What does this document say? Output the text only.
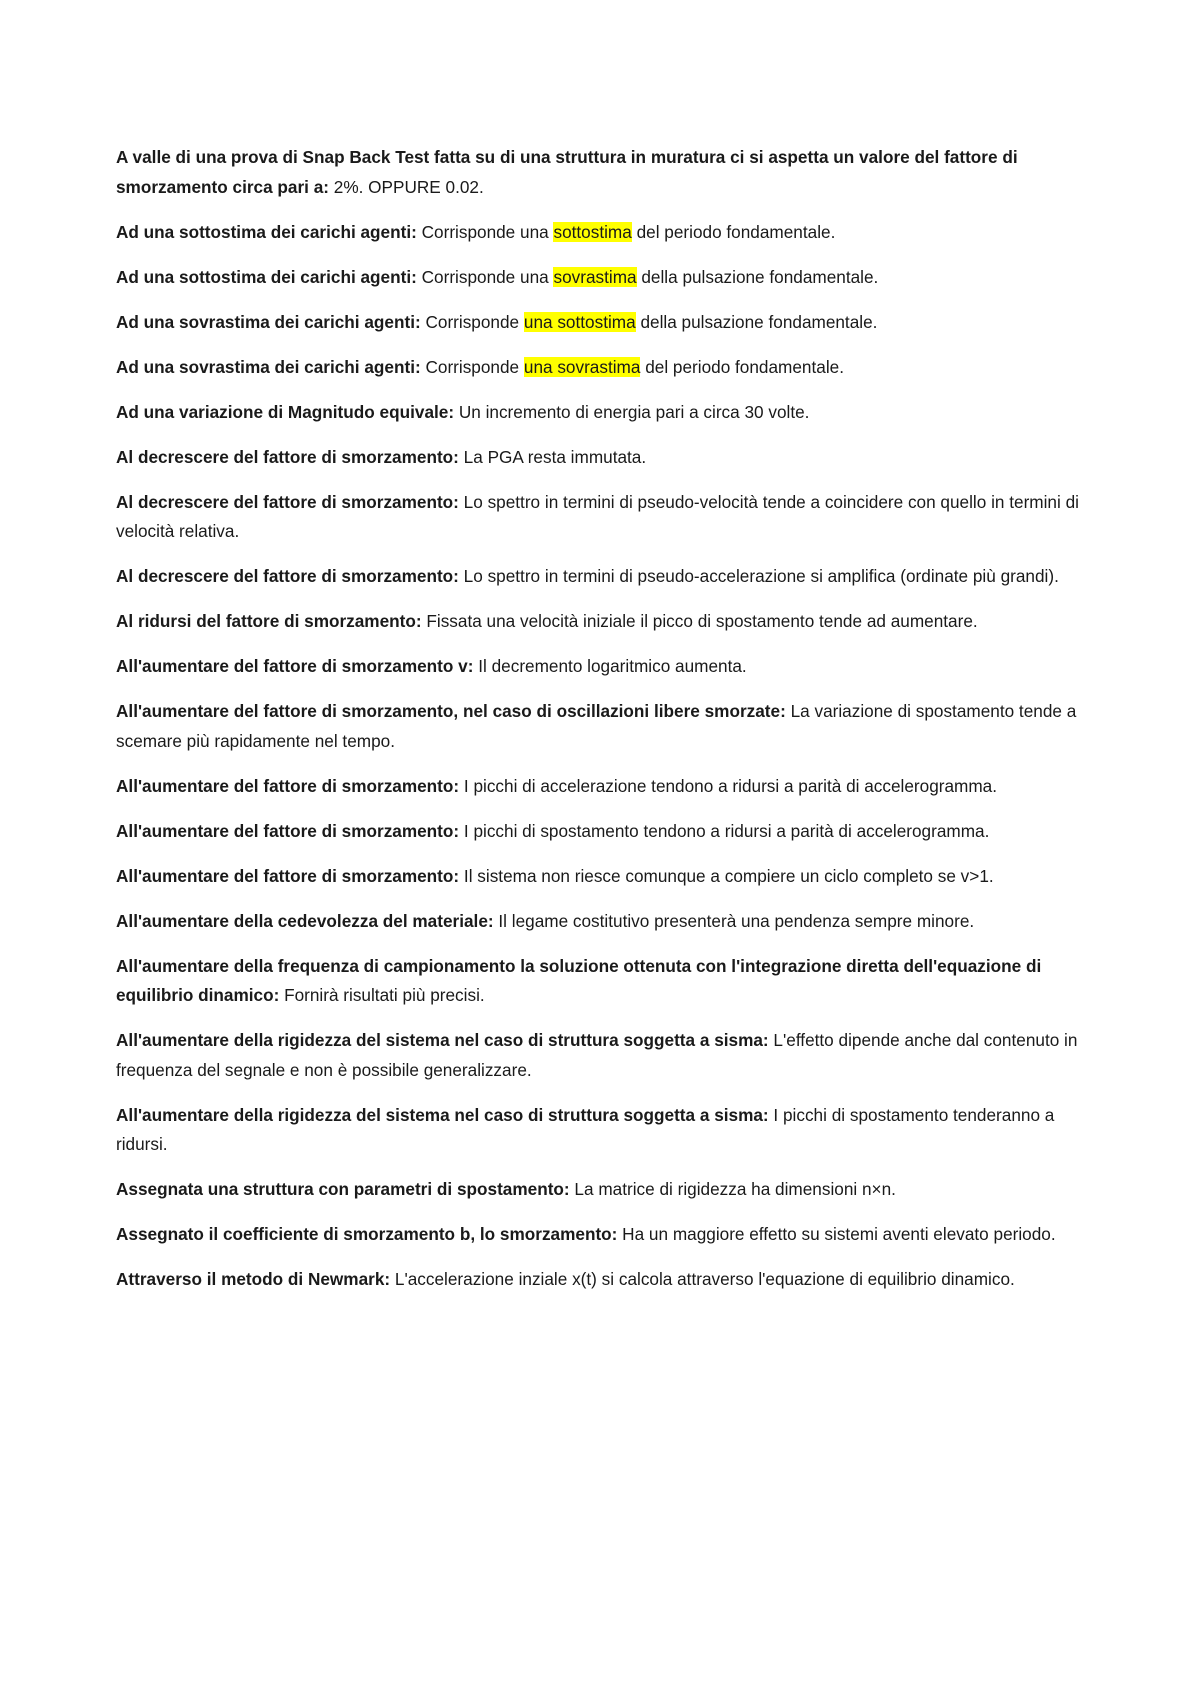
A valle di una prova di Snap Back Test fatta su di una struttura in muratura ci si aspetta un valore del fattore di smorzamento circa pari a: 2%. OPPURE 0.02.

Ad una sottostima dei carichi agenti: Corrisponde una sottostima del periodo fondamentale.

Ad una sottostima dei carichi agenti: Corrisponde una sovrastima della pulsazione fondamentale.

Ad una sovrastima dei carichi agenti: Corrisponde una sottostima della pulsazione fondamentale.

Ad una sovrastima dei carichi agenti: Corrisponde una sovrastima del periodo fondamentale.

Ad una variazione di Magnitudo equivale: Un incremento di energia pari a circa 30 volte.

Al decrescere del fattore di smorzamento: La PGA resta immutata.

Al decrescere del fattore di smorzamento: Lo spettro in termini di pseudo-velocità tende a coincidere con quello in termini di velocità relativa.

Al decrescere del fattore di smorzamento: Lo spettro in termini di pseudo-accelerazione si amplifica (ordinate più grandi).

Al ridursi del fattore di smorzamento: Fissata una velocità iniziale il picco di spostamento tende ad aumentare.

All'aumentare del fattore di smorzamento v: Il decremento logaritmico aumenta.

All'aumentare del fattore di smorzamento, nel caso di oscillazioni libere smorzate: La variazione di spostamento tende a scemare più rapidamente nel tempo.

All'aumentare del fattore di smorzamento: I picchi di accelerazione tendono a ridursi a parità di accelerogramma.

All'aumentare del fattore di smorzamento: I picchi di spostamento tendono a ridursi a parità di accelerogramma.

All'aumentare del fattore di smorzamento: Il sistema non riesce comunque a compiere un ciclo completo se v>1.

All'aumentare della cedevolezza del materiale: Il legame costitutivo presenterà una pendenza sempre minore.

All'aumentare della frequenza di campionamento la soluzione ottenuta con l'integrazione diretta dell'equazione di equilibrio dinamico: Fornirà risultati più precisi.

All'aumentare della rigidezza del sistema nel caso di struttura soggetta a sisma: L'effetto dipende anche dal contenuto in frequenza del segnale e non è possibile generalizzare.

All'aumentare della rigidezza del sistema nel caso di struttura soggetta a sisma: I picchi di spostamento tenderanno a ridursi.

Assegnata una struttura con parametri di spostamento: La matrice di rigidezza ha dimensioni n×n.

Assegnato il coefficiente di smorzamento b, lo smorzamento: Ha un maggiore effetto su sistemi aventi elevato periodo.

Attraverso il metodo di Newmark: L'accelerazione inziale x(t) si calcola attraverso l'equazione di equilibrio dinamico.
